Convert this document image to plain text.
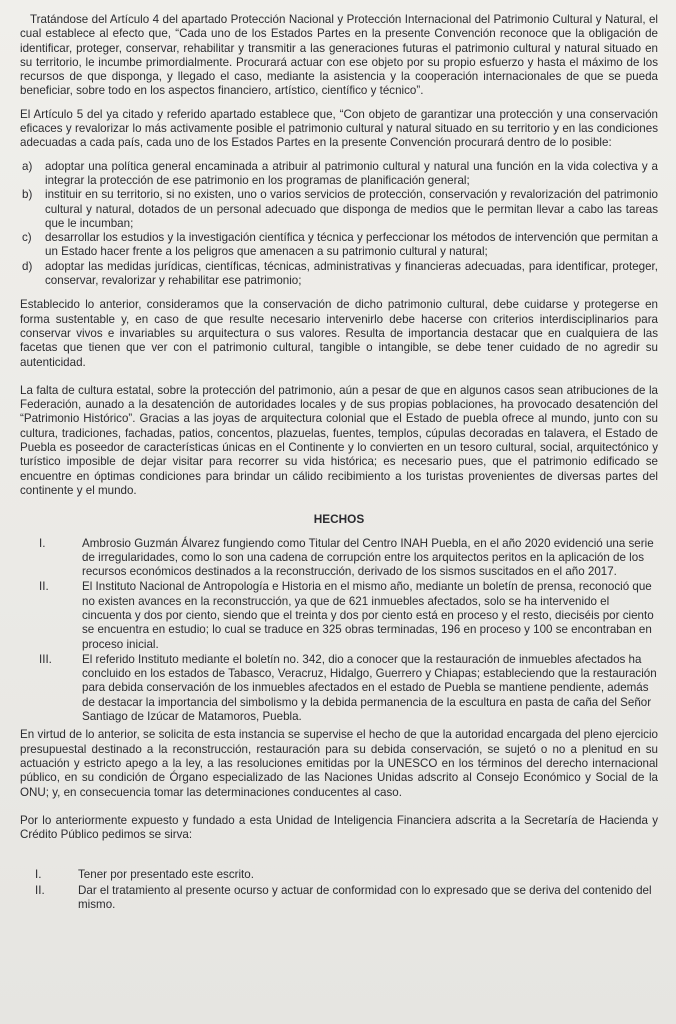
Tratándose del Artículo 4 del apartado Protección Nacional y Protección Internacional del Patrimonio Cultural y Natural, el cual establece al efecto que, “Cada uno de los Estados Partes en la presente Convención reconoce que la obligación de identificar, proteger, conservar, rehabilitar y transmitir a las generaciones futuras el patrimonio cultural y natural situado en su territorio, le incumbe primordialmente. Procurará actuar con ese objeto por su propio esfuerzo y hasta el máximo de los recursos de que disponga, y llegado el caso, mediante la asistencia y la cooperación internacionales de que se pueda beneficiar, sobre todo en los aspectos financiero, artístico, científico y técnico”.

El Artículo 5 del ya citado y referido apartado establece que, “Con objeto de garantizar una protección y una conservación eficaces y revalorizar lo más activamente posible el patrimonio cultural y natural situado en su territorio y en las condiciones adecuadas a cada país, cada uno de los Estados Partes en la presente Convención procurará dentro de lo posible:

a)	adoptar una política general encaminada a atribuir al patrimonio cultural y natural una función en la vida colectiva y a integrar la protección de ese patrimonio en los programas de planificación general;
b)	instituir en su territorio, si no existen, uno o varios servicios de protección, conservación y revalorización del patrimonio cultural y natural, dotados de un personal adecuado que disponga de medios que le permitan llevar a cabo las tareas que le incumban;
c)	desarrollar los estudios y la investigación científica y técnica y perfeccionar los métodos de intervención que permitan a un Estado hacer frente a los peligros que amenacen a su patrimonio cultural y natural;
d)	adoptar las medidas jurídicas, científicas, técnicas, administrativas y financieras adecuadas, para identificar, proteger, conservar, revalorizar y rehabilitar ese patrimonio;

Establecido lo anterior, consideramos que la conservación de dicho patrimonio cultural, debe cuidarse y protegerse en forma sustentable y, en caso de que resulte necesario intervenirlo debe hacerse con criterios interdisciplinarios para conservar vivos e invariables su arquitectura o sus valores. Resulta de importancia destacar que en cualquiera de las facetas que tienen que ver con el patrimonio cultural, tangible o intangible, se debe tener cuidado de no agredir su autenticidad.

La falta de cultura estatal, sobre la protección del patrimonio, aún a pesar de que en algunos casos sean atribuciones de la Federación, aunado a la desatención de autoridades locales y de sus propias poblaciones, ha provocado desatención del “Patrimonio Histórico”. Gracias a las joyas de arquitectura colonial que el Estado de puebla ofrece al mundo, junto con su cultura, tradiciones, fachadas, patios, concentos, plazuelas, fuentes, templos, cúpulas decoradas en talavera, el Estado de Puebla es poseedor de características únicas en el Continente y lo convierten en un tesoro cultural, social, arquitectónico y turístico imposible de dejar visitar para recorrer su vida histórica; es necesario pues, que el patrimonio edificado se encuentre en óptimas condiciones para brindar un cálido recibimiento a los turistas provenientes de diversas partes del continente y el mundo.

HECHOS
I.	Ambrosio Guzmán Álvarez fungiendo como Titular del Centro INAH Puebla, en el año 2020 evidenció una serie de irregularidades, como lo son una cadena de corrupción entre los arquitectos peritos en la aplicación de los recursos económicos destinados a la reconstrucción, derivado de los sismos suscitados en el año 2017.
II.	El Instituto Nacional de Antropología e Historia en el mismo año, mediante un boletín de prensa, reconoció que no existen avances en la reconstrucción, ya que de 621 inmuebles afectados, solo se ha intervenido el cincuenta y dos por ciento, siendo que el treinta y dos por ciento está en proceso y el resto, dieciséis por ciento se encuentra en estudio; lo cual se traduce en 325 obras terminadas, 196 en proceso y 100 se encontraban en proceso inicial.
III.	El referido Instituto mediante el boletín no. 342, dio a conocer que la restauración de inmuebles afectados ha concluido en los estados de Tabasco, Veracruz, Hidalgo, Guerrero y Chiapas; estableciendo que la restauración para debida conservación de los inmuebles afectados en el estado de Puebla se mantiene pendiente, además de destacar la importancia del simbolismo y la debida permanencia de la escultura en pasta de caña del Señor Santiago de Izúcar de Matamoros, Puebla.

En virtud de lo anterior, se solicita de esta instancia se supervise el hecho de que la autoridad encargada del pleno ejercicio presupuestal destinado a la reconstrucción, restauración para su debida conservación, se sujetó o no a plenitud en su actuación y estricto apego a la ley, a las resoluciones emitidas por la UNESCO en los términos del derecho internacional público, en su condición de Órgano especializado de las Naciones Unidas adscrito al Consejo Económico y Social de la ONU; y, en consecuencia tomar las determinaciones conducentes al caso.

Por lo anteriormente expuesto y fundado a esta Unidad de Inteligencia Financiera adscrita a la Secretaría de Hacienda y Crédito Público pedimos se sirva:

I.	Tener por presentado este escrito.
II.	Dar el tratamiento al presente ocurso y actuar de conformidad con lo expresado que se deriva del contenido del mismo.
